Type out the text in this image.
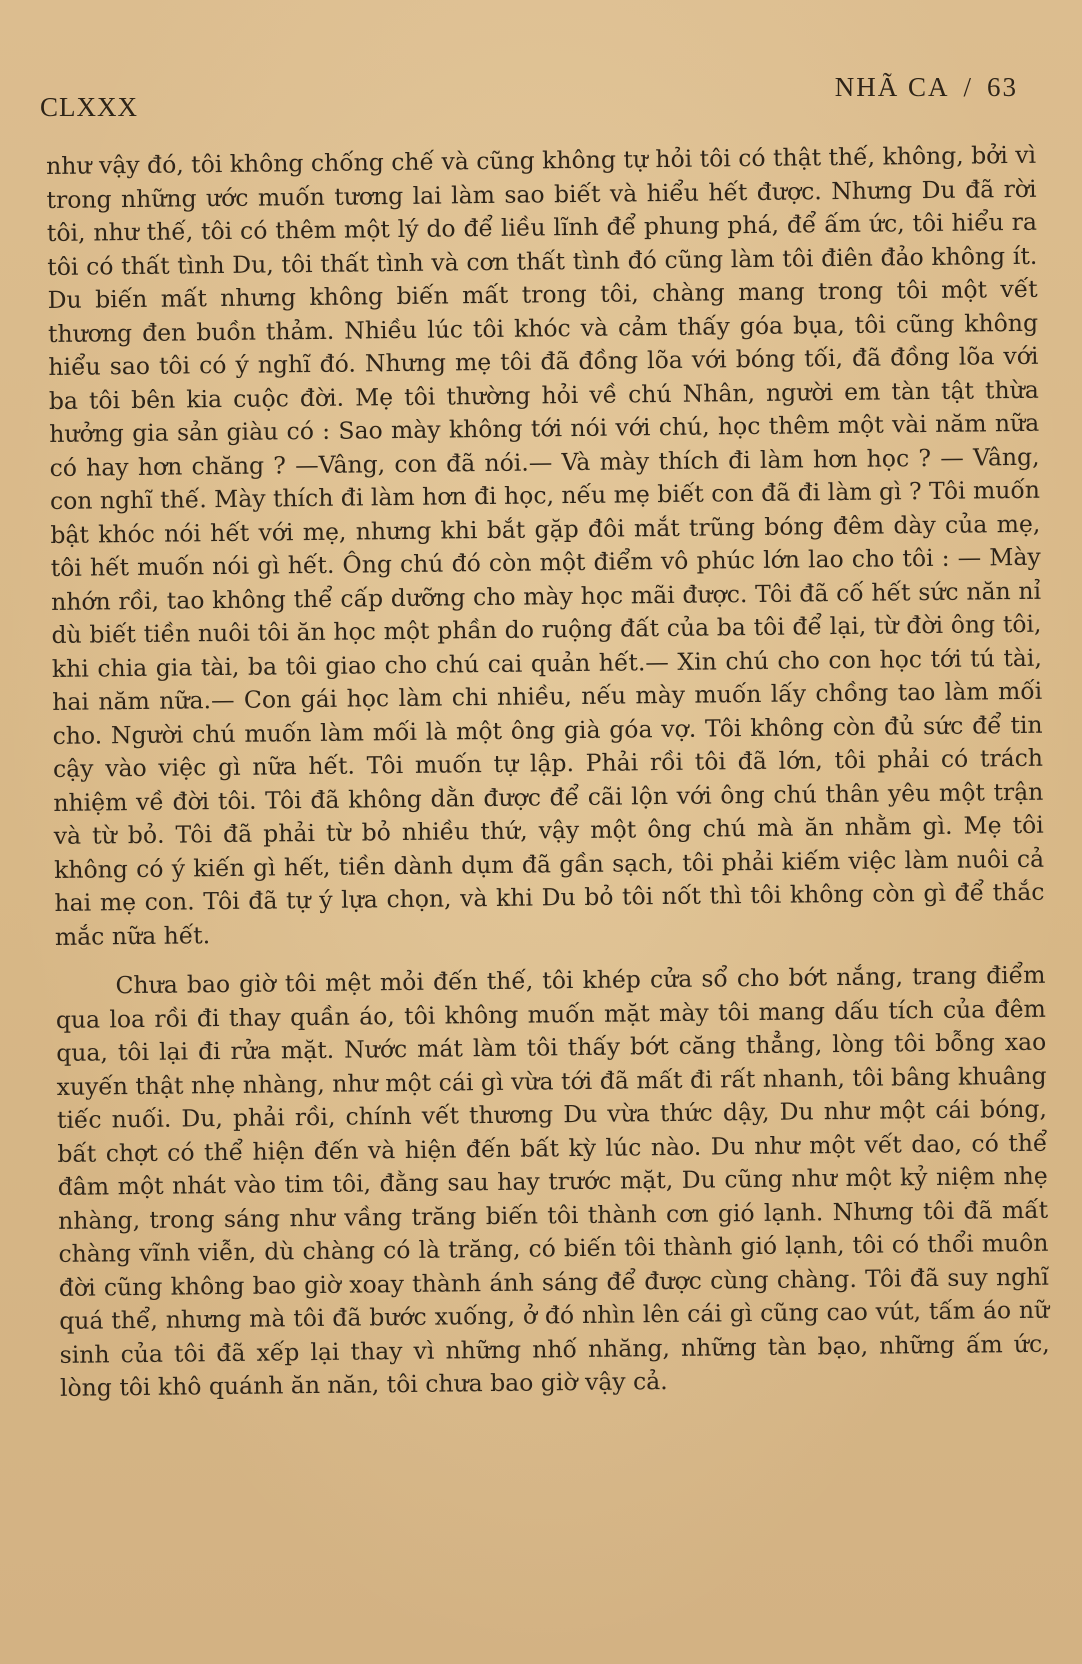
CLXXX
NHÃ CA / 63

như vậy đó, tôi không chống chế và cũng không tự hỏi tôi có thật thế, không, bởi vì trong những ước muốn tương lai làm sao biết và hiểu hết được. Nhưng Du đã rời tôi, như thế, tôi có thêm một lý do để liều lĩnh để phung phá, để ấm ức, tôi hiểu ra tôi có thất tình Du, tôi thất tình và cơn thất tình đó cũng làm tôi điên đảo không ít. Du biến mất nhưng không biến mất trong tôi, chàng mang trong tôi một vết thương đen buồn thảm. Nhiều lúc tôi khóc và cảm thấy góa bụa, tôi cũng không hiểu sao tôi có ý nghĩ đó. Nhưng mẹ tôi đã đồng lõa với bóng tối, đã đồng lõa với ba tôi bên kia cuộc đời. Mẹ tôi thường hỏi về chú Nhân, người em tàn tật thừa hưởng gia sản giàu có : Sao mày không tới nói với chú, học thêm một vài năm nữa có hay hơn chăng ? —Vâng, con đã nói.— Và mày thích đi làm hơn học ? — Vâng, con nghĩ thế. Mày thích đi làm hơn đi học, nếu mẹ biết con đã đi làm gì ? Tôi muốn bật khóc nói hết với mẹ, nhưng khi bắt gặp đôi mắt trũng bóng đêm dày của mẹ, tôi hết muốn nói gì hết. Ông chú đó còn một điểm vô phúc lớn lao cho tôi : — Mày nhớn rồi, tao không thể cấp dưỡng cho mày học mãi được. Tôi đã cố hết sức năn nỉ dù biết tiền nuôi tôi ăn học một phần do ruộng đất của ba tôi để lại, từ đời ông tôi, khi chia gia tài, ba tôi giao cho chú cai quản hết.— Xin chú cho con học tới tú tài, hai năm nữa.— Con gái học làm chi nhiều, nếu mày muốn lấy chồng tao làm mối cho. Người chú muốn làm mối là một ông già góa vợ. Tôi không còn đủ sức để tin cậy vào việc gì nữa hết. Tôi muốn tự lập. Phải rồi tôi đã lớn, tôi phải có trách nhiệm về đời tôi. Tôi đã không dằn được để cãi lộn với ông chú thân yêu một trận và từ bỏ. Tôi đã phải từ bỏ nhiều thứ, vậy một ông chú mà ăn nhằm gì. Mẹ tôi không có ý kiến gì hết, tiền dành dụm đã gần sạch, tôi phải kiếm việc làm nuôi cả hai mẹ con. Tôi đã tự ý lựa chọn, và khi Du bỏ tôi nốt thì tôi không còn gì để thắc mắc nữa hết.

Chưa bao giờ tôi mệt mỏi đến thế, tôi khép cửa sổ cho bớt nắng, trang điểm qua loa rồi đi thay quần áo, tôi không muốn mặt mày tôi mang dấu tích của đêm qua, tôi lại đi rửa mặt. Nước mát làm tôi thấy bớt căng thẳng, lòng tôi bỗng xao xuyến thật nhẹ nhàng, như một cái gì vừa tới đã mất đi rất nhanh, tôi bâng khuâng tiếc nuối. Du, phải rồi, chính vết thương Du vừa thức dậy, Du như một cái bóng, bất chợt có thể hiện đến và hiện đến bất kỳ lúc nào. Du như một vết dao, có thể đâm một nhát vào tim tôi, đằng sau hay trước mặt, Du cũng như một kỷ niệm nhẹ nhàng, trong sáng như vầng trăng biến tôi thành cơn gió lạnh. Nhưng tôi đã mất chàng vĩnh viễn, dù chàng có là trăng, có biến tôi thành gió lạnh, tôi có thổi muôn đời cũng không bao giờ xoay thành ánh sáng để được cùng chàng. Tôi đã suy nghĩ quá thể, nhưng mà tôi đã bước xuống, ở đó nhìn lên cái gì cũng cao vút, tấm áo nữ sinh của tôi đã xếp lại thay vì những nhố nhăng, những tàn bạo, những ấm ức, lòng tôi khô quánh ăn năn, tôi chưa bao giờ vậy cả.
